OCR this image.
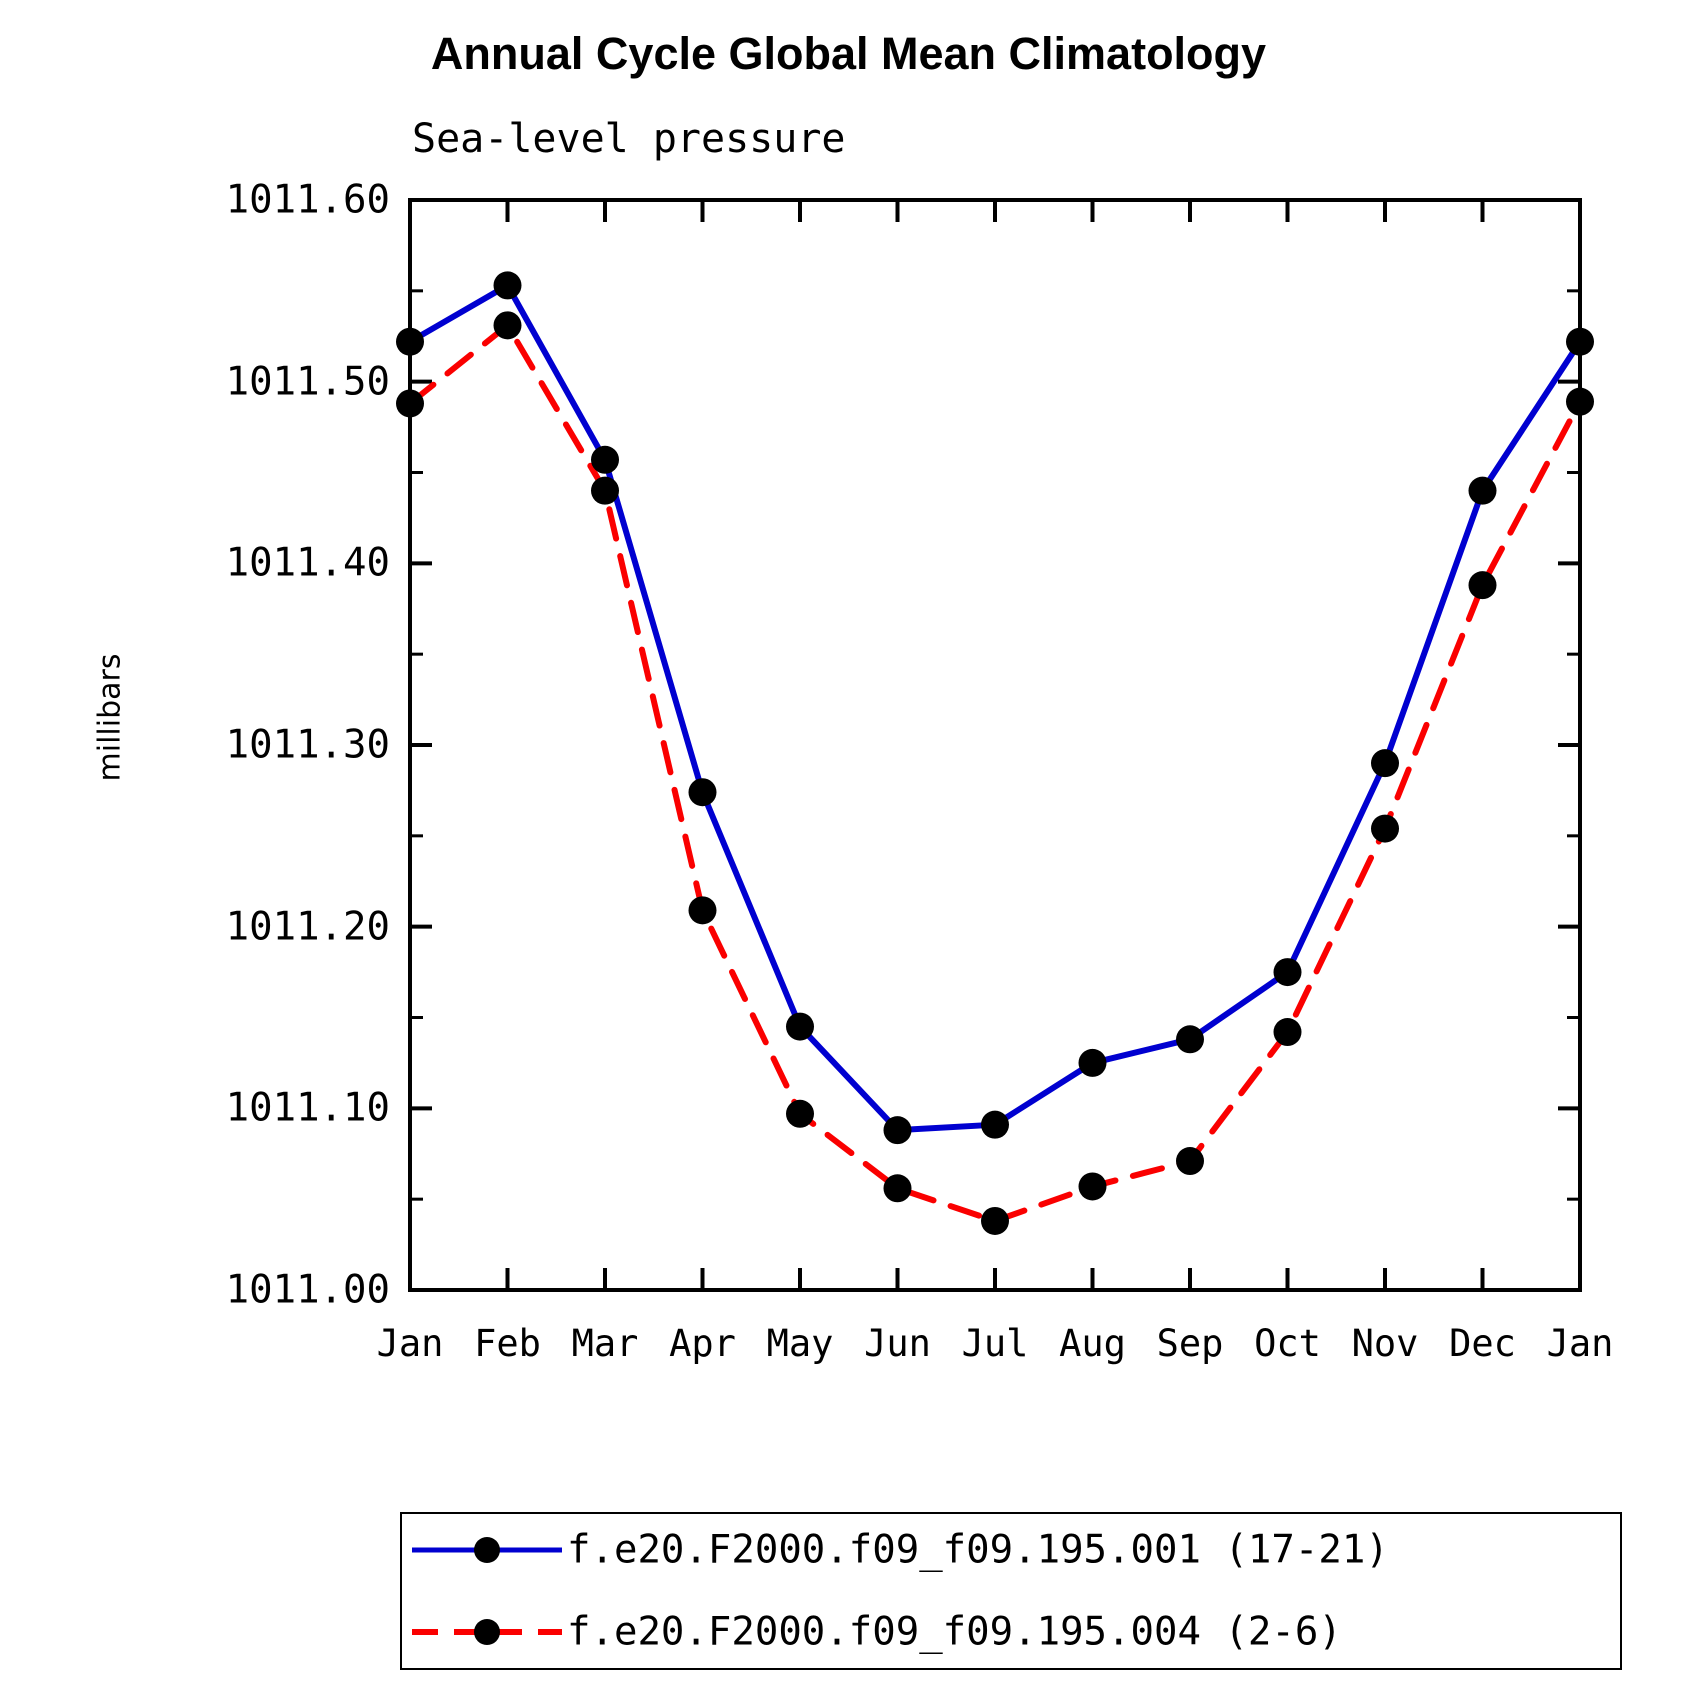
Annual Cycle Global Mean Climatology
Sea-level pressure
millibars
1011.00
1011.10
1011.20
1011.30
1011.40
1011.50
1011.60
Jan Feb Mar Apr May Jun Jul Aug Sep Oct Nov Dec Jan
f.e20.F2000.f09_f09.195.001 (17-21)
f.e20.F2000.f09_f09.195.004 (2-6)
